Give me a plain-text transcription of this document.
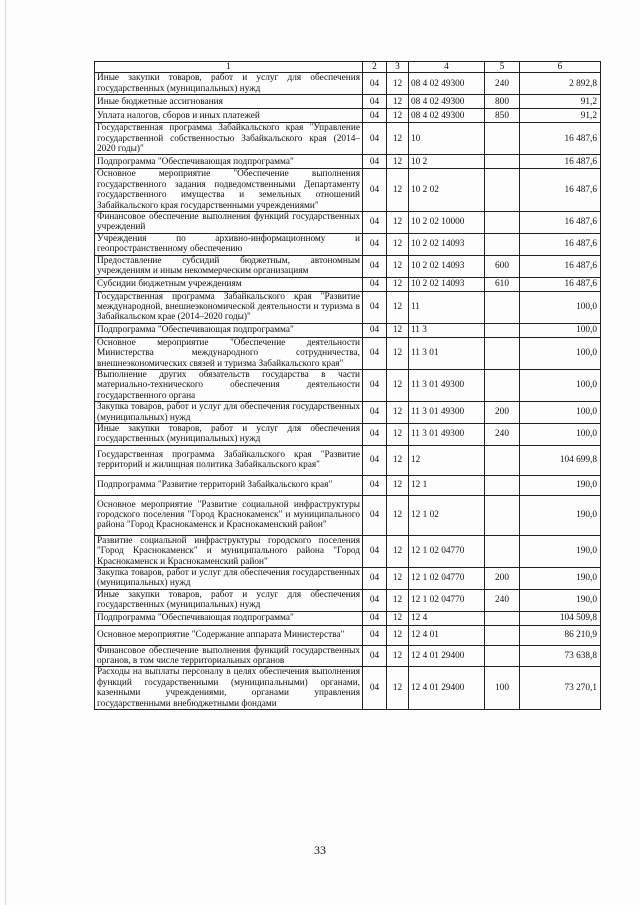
1	2	3	4	5	6
Иные закупки товаров, работ и услуг для обеспечения государственных (муниципальных) нужд	04	12	08 4 02 49300	240	2 892,8
Иные бюджетные ассигнования	04	12	08 4 02 49300	800	91,2
Уплата налогов, сборов и иных платежей	04	12	08 4 02 49300	850	91,2
Государственная программа Забайкальского края "Управление государственной собственностью Забайкальского края (2014–2020 годы)"	04	12	10		16 487,6
Подпрограмма "Обеспечивающая подпрограмма"	04	12	10 2		16 487,6
Основное мероприятие "Обеспечение выполнения государственного задания подведомственными Департаменту государственного имущества и земельных отношений Забайкальского края государственными учреждениями"	04	12	10 2 02		16 487,6
Финансовое обеспечение выполнения функций государственных учреждений	04	12	10 2 02 10000		16 487,6
Учреждения по архивно-информационному и геопространственному обеспечению	04	12	10 2 02 14093		16 487,6
Предоставление субсидий бюджетным, автономным учреждениям и иным некоммерческим организациям	04	12	10 2 02 14093	600	16 487,6
Субсидии бюджетным учреждениям	04	12	10 2 02 14093	610	16 487,6
Государственная программа Забайкальского края "Развитие международной, внешнеэкономической деятельности и туризма в Забайкальском крае (2014–2020 годы)"	04	12	11		100,0
Подпрограмма "Обеспечивающая подпрограмма"	04	12	11 3		100,0
Основное мероприятие "Обеспечение деятельности Министерства международного сотрудничества, внешнеэкономических связей и туризма Забайкальского края"	04	12	11 3 01		100,0
Выполнение других обязательств государства в части материально-технического обеспечения деятельности государственного органа	04	12	11 3 01 49300		100,0
Закупка товаров, работ и услуг для обеспечения государственных (муниципальных) нужд	04	12	11 3 01 49300	200	100,0
Иные закупки товаров, работ и услуг для обеспечения государственных (муниципальных) нужд	04	12	11 3 01 49300	240	100,0
Государственная программа Забайкальского края "Развитие территорий и жилищная политика Забайкальского края"	04	12	12		104 699,8
Подпрограмма "Развитие территорий Забайкальского края"	04	12	12 1		190,0
Основное мероприятие "Развитие социальной инфраструктуры городского поселения "Город Краснокаменск" и муниципального района "Город Краснокаменск и Краснокаменский район"	04	12	12 1 02		190,0
Развитие социальной инфраструктуры городского поселения "Город Краснокаменск" и муниципального района "Город Краснокаменск и Краснокаменский район"	04	12	12 1 02 04770		190,0
Закупка товаров, работ и услуг для обеспечения государственных (муниципальных) нужд	04	12	12 1 02 04770	200	190,0
Иные закупки товаров, работ и услуг для обеспечения государственных (муниципальных) нужд	04	12	12 1 02 04770	240	190,0
Подпрограмма "Обеспечивающая подпрограмма"	04	12	12 4		104 509,8
Основное мероприятие "Содержание аппарата Министерства"	04	12	12 4 01		86 210,9
Финансовое обеспечение выполнения функций государственных органов, в том числе территориальных органов	04	12	12 4 01 29400		73 638,8
Расходы на выплаты персоналу в целях обеспечения выполнения функций государственными (муниципальными) органами, казенными учреждениями, органами управления государственными внебюджетными фондами	04	12	12 4 01 29400	100	73 270,1
33
